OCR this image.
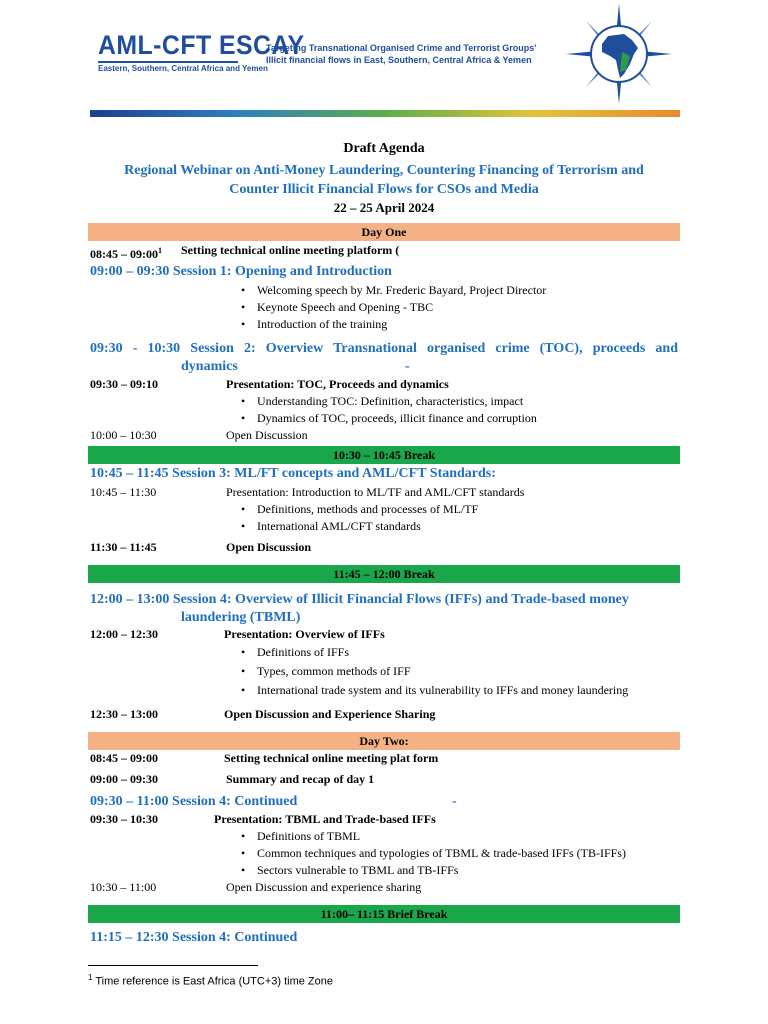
AML-CFT ESCAY
Eastern, Southern, Central Africa and Yemen
Targeting Transnational Organised Crime and Terrorist Groups'
Illicit financial flows in East, Southern, Central Africa & Yemen
Draft Agenda
Regional Webinar on Anti-Money Laundering, Countering Financing of Terrorism and
Counter Illicit Financial Flows for CSOs and Media
22 – 25 April 2024
Day One
08:45 – $09:00^1$ Setting technical online meeting platform (
09:00 – 09:30 Session 1: Opening and Introduction
• Welcoming speech by Mr. Frederic Bayard, Project Director
• Keynote Speech and Opening - TBC
• Introduction of the training
09:30 - 10:30 Session 2: Overview Transnational organised crime (TOC), proceeds and
dynamics	-
09:30 – 09:10	Presentation: TOC, Proceeds and dynamics
• Understanding TOC: Definition, characteristics, impact
• Dynamics of TOC, proceeds, illicit finance and corruption
10:00 – 10:30	Open Discussion
10:30 – 10:45 Break
10:45 – 11:45 Session 3: ML/FT concepts and AML/CFT Standards:
10:45 – 11:30	Presentation: Introduction to ML/TF and AML/CFT standards
• Definitions, methods and processes of ML/TF
• International AML/CFT standards
11:30 – 11:45	Open Discussion
11:45 – 12:00 Break
12:00 – 13:00 Session 4: Overview of Illicit Financial Flows (IFFs) and Trade-based money
laundering (TBML)
12:00 – 12:30	Presentation: Overview of IFFs
• Definitions of IFFs
• Types, common methods of IFF
• International trade system and its vulnerability to IFFs and money laundering
12:30 – 13:00	Open Discussion and Experience Sharing
Day Two:
08:45 – 09:00	Setting technical online meeting plat form
09:00 – 09:30	Summary and recap of day 1
09:30 – 11:00 Session 4: Continued	-
09:30 – 10:30	Presentation: TBML and Trade-based IFFs
• Definitions of TBML
• Common techniques and typologies of TBML & trade-based IFFs (TB-IFFs)
• Sectors vulnerable to TBML and TB-IFFs
10:30 – 11:00	Open Discussion and experience sharing
11:00– 11:15 Brief Break
11:15 – 12:30 Session 4: Continued
$^1$ Time reference is East Africa (UTC+3) time Zone
